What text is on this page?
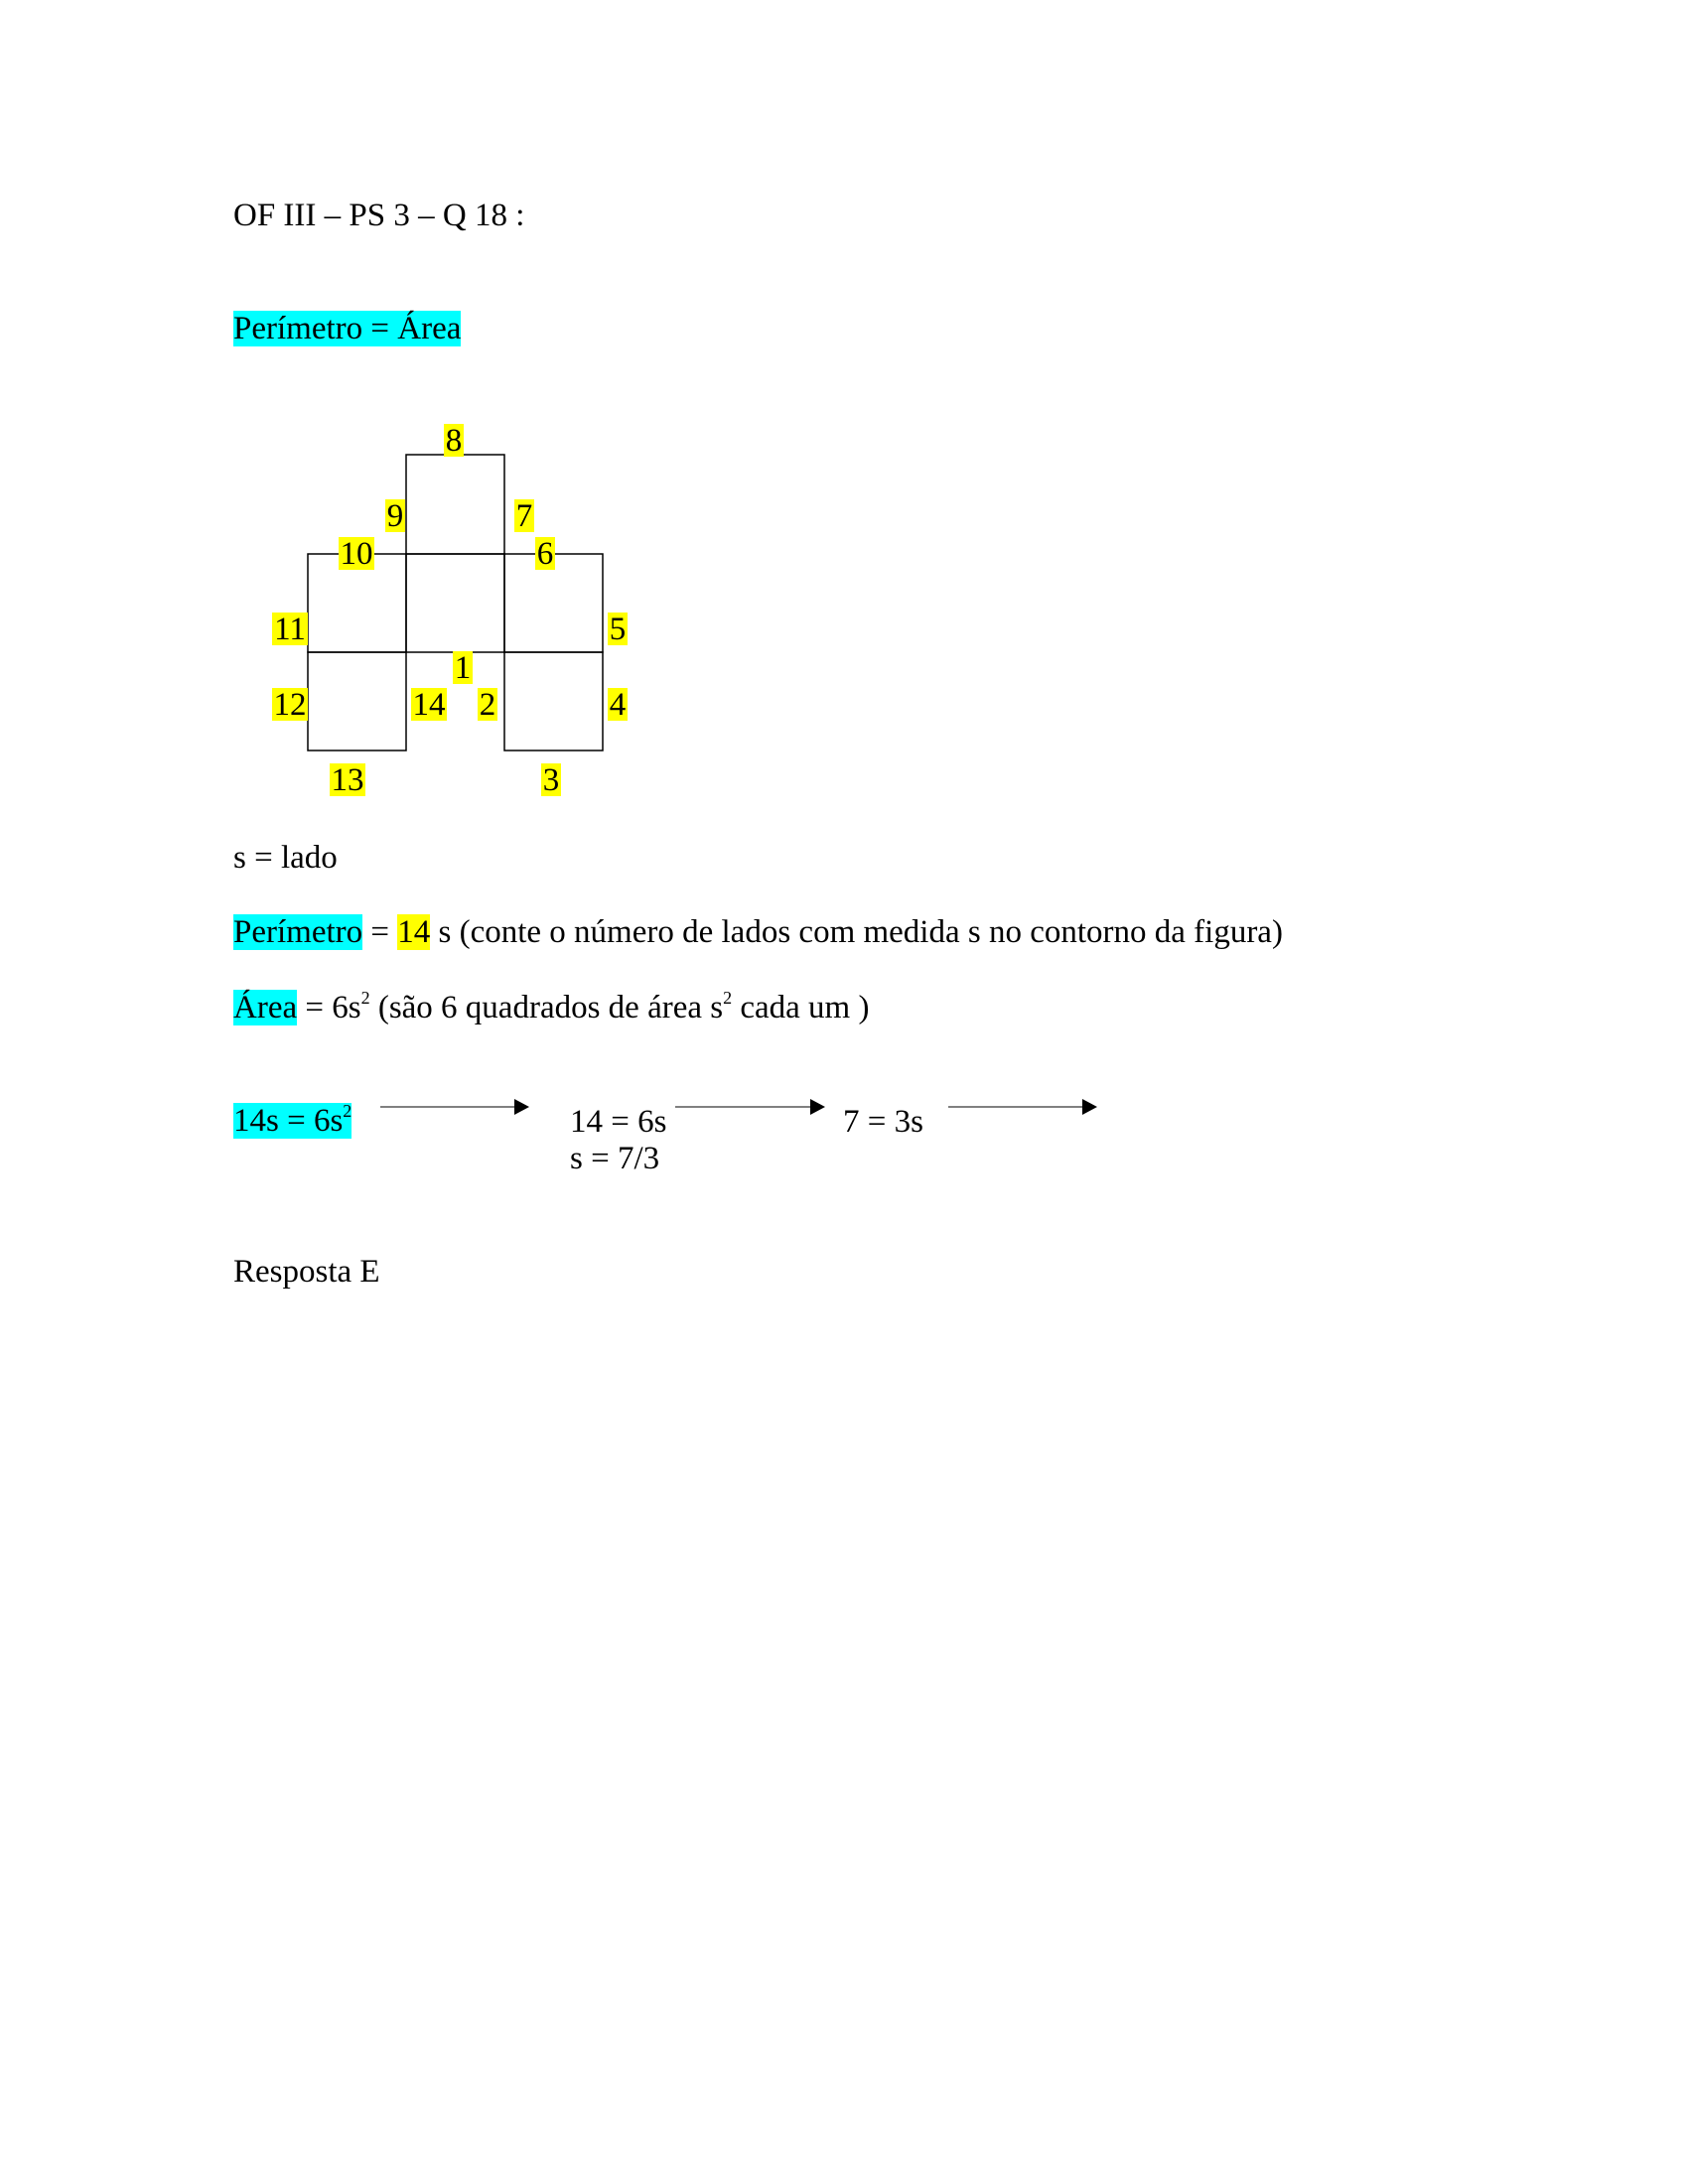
OF III – PS 3 – Q 18 :
Perímetro = Área
8
9	7
10	6
11	5
1
12	14 2	4
13	3
s = lado
Perímetro = 14 s (conte o número de lados com medida s no contorno da figura)
Área = $6s^2$ (são 6 quadrados de área $s^2$ cada um )
$14s = 6s^2$	14 = 6s
s = 7/3
7 = 3s
Resposta E
